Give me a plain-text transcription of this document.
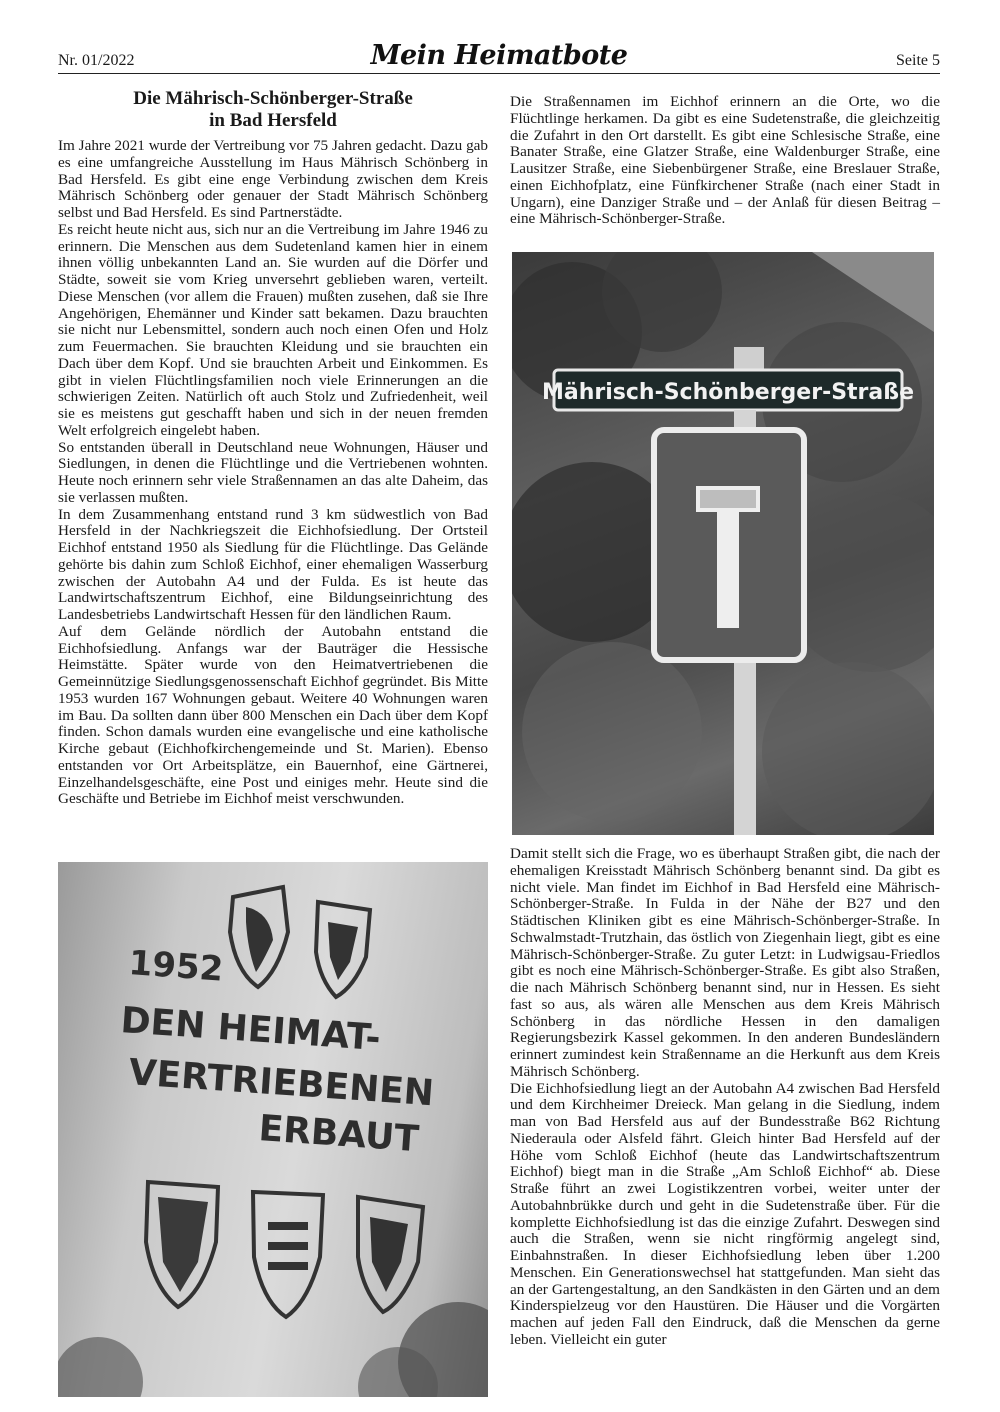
Nr. 01/2022	Mein Heimatbote	Seite 5
Die Mährisch-Schönberger-Straße
in Bad Hersfeld

Im Jahre 2021 wurde der Vertreibung vor 75 Jahren gedacht. Dazu gab es eine umfangreiche Ausstellung im Haus Mährisch Schönberg in Bad Hersfeld. Es gibt eine enge Verbindung zwischen dem Kreis Mährisch Schönberg oder genauer der Stadt Mährisch Schönberg selbst und Bad Hersfeld. Es sind Partnerstädte.

Es reicht heute nicht aus, sich nur an die Vertreibung im Jahre 1946 zu erinnern. Die Menschen aus dem Sudetenland kamen hier in einem ihnen völlig unbekannten Land an. Sie wurden auf die Dörfer und Städte, soweit sie vom Krieg unversehrt geblieben waren, verteilt. Diese Menschen (vor allem die Frauen) mußten zusehen, daß sie Ihre Angehörigen, Ehemänner und Kinder satt bekamen. Dazu brauchten sie nicht nur Lebensmittel, sondern auch noch einen Ofen und Holz zum Feuermachen. Sie brauchten Kleidung und sie brauchten ein Dach über dem Kopf. Und sie brauchten Arbeit und Einkommen. Es gibt in vielen Flüchtlingsfamilien noch viele Erinnerungen an die schwierigen Zeiten. Natürlich oft auch Stolz und Zufriedenheit, weil sie es meistens gut geschafft haben und sich in der neuen fremden Welt erfolgreich eingelebt haben.

So entstanden überall in Deutschland neue Wohnungen, Häuser und Siedlungen, in denen die Flüchtlinge und die Vertriebenen wohnten. Heute noch erinnern sehr viele Straßennamen an das alte Daheim, das sie verlassen mußten.

In dem Zusammenhang entstand rund 3 km südwestlich von Bad Hersfeld in der Nachkriegszeit die Eichhofsiedlung. Der Ortsteil Eichhof entstand 1950 als Siedlung für die Flüchtlinge. Das Gelände gehörte bis dahin zum Schloß Eichhof, einer ehemaligen Wasserburg zwischen der Autobahn A4 und der Fulda. Es ist heute das Landwirtschaftszentrum Eichhof, eine Bildungseinrichtung des Landesbetriebs Landwirtschaft Hessen für den ländlichen Raum.

Auf dem Gelände nördlich der Autobahn entstand die Eichhofsiedlung. Anfangs war der Bauträger die Hessische Heimstätte. Später wurde von den Heimatvertriebenen die Gemeinnützige Siedlungsgenossenschaft Eichhof gegründet. Bis Mitte 1953 wurden 167 Wohnungen gebaut. Weitere 40 Wohnungen waren im Bau. Da sollten dann über 800 Menschen ein Dach über dem Kopf finden. Schon damals wurden eine evangelische und eine katholische Kirche gebaut (Eichhofkirchengemeinde und St. Marien). Ebenso entstanden vor Ort Arbeitsplätze, ein Bauernhof, eine Gärtnerei, Einzelhandelsgeschäfte, eine Post und einiges mehr. Heute sind die Geschäfte und Betriebe im Eichhof meist verschwunden.

Die Straßennamen im Eichhof erinnern an die Orte, wo die Flüchtlinge herkamen. Da gibt es eine Sudetenstraße, die gleichzeitig die Zufahrt in den Ort darstellt. Es gibt eine Schlesische Straße, eine Banater Straße, eine Glatzer Straße, eine Waldenburger Straße, eine Lausitzer Straße, eine Siebenbürgener Straße, eine Breslauer Straße, einen Eichhofplatz, eine Fünfkirchener Straße (nach einer Stadt in Ungarn), eine Danziger Straße und – der Anlaß für diesen Beitrag – eine Mährisch-Schönberger-Straße.

Mährisch-Schönberger-Straße

Damit stellt sich die Frage, wo es überhaupt Straßen gibt, die nach der ehemaligen Kreisstadt Mährisch Schönberg benannt sind. Da gibt es nicht viele. Man findet im Eichhof in Bad Hersfeld eine Mährisch-Schönberger-Straße. In Fulda in der Nähe der B27 und den Städtischen Kliniken gibt es eine Mährisch-Schönberger-Straße. In Schwalmstadt-Trutzhain, das östlich von Ziegenhain liegt, gibt es eine Mährisch-Schönberger-Straße. Zu guter Letzt: in Ludwigsau-Friedlos gibt es noch eine Mährisch-Schönberger-Straße. Es gibt also Straßen, die nach Mährisch Schönberg benannt sind, nur in Hessen. Es sieht fast so aus, als wären alle Menschen aus dem Kreis Mährisch Schönberg in das nördliche Hessen in den damaligen Regierungsbezirk Kassel gekommen. In den anderen Bundesländern erinnert zumindest kein Straßenname an die Herkunft aus dem Kreis Mährisch Schönberg.

Die Eichhofsiedlung liegt an der Autobahn A4 zwischen Bad Hersfeld und dem Kirchheimer Dreieck. Man gelang in die Siedlung, indem man von Bad Hersfeld aus auf der Bundesstraße B62 Richtung Niederaula oder Alsfeld fährt. Gleich hinter Bad Hersfeld auf der Höhe vom Schloß Eichhof (heute das Landwirtschaftszentrum Eichhof) biegt man in die Straße „Am Schloß Eichhof“ ab. Diese Straße führt an zwei Logistikzentren vorbei, weiter unter der Autobahnbrükke durch und geht in die Sudetenstraße über. Für die komplette Eichhofsiedlung ist das die einzige Zufahrt. Deswegen sind auch die Straßen, wenn sie nicht ringförmig angelegt sind, Einbahnstraßen. In dieser Eichhofsiedlung leben über 1.200 Menschen. Ein Generationswechsel hat stattgefunden. Man sieht das an der Gartengestaltung, an den Sandkästen in den Gärten und an dem Kinderspielzeug vor den Haustüren. Die Häuser und die Vorgärten machen auf jeden Fall den Eindruck, daß die Menschen da gerne leben. Vielleicht ein guter

1952
DEN HEIMAT-
VERTRIEBENEN
ERBAUT
